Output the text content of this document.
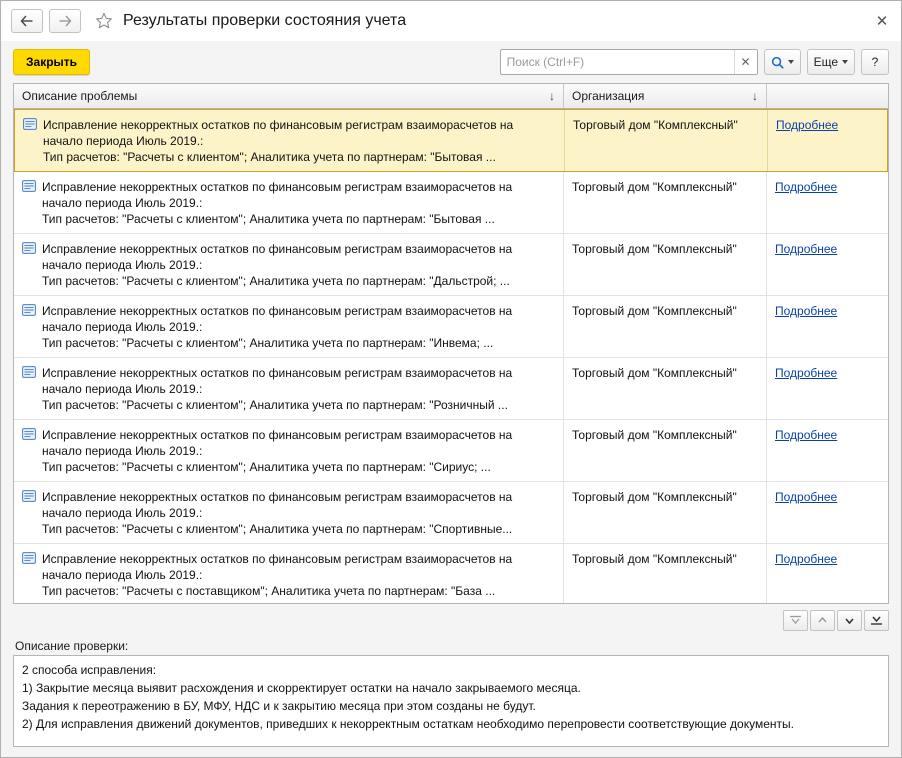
Результаты проверки состояния учета	✕
Закрыть
Поиск (Ctrl+F)	✕	Еще	?
Описание проблемы	↓ Организация	↓
Исправление некорректных остатков по финансовым регистрам взаиморасчетов на
начало периода Июль 2019.:
Тип расчетов: "Расчеты с клиентом"; Аналитика учета по партнерам: "Бытовая ...
Торговый дом "Комплексный"	Подробнее
Исправление некорректных остатков по финансовым регистрам взаиморасчетов на
начало периода Июль 2019.:
Тип расчетов: "Расчеты с клиентом"; Аналитика учета по партнерам: "Бытовая ...
Торговый дом "Комплексный"	Подробнее
Исправление некорректных остатков по финансовым регистрам взаиморасчетов на
начало периода Июль 2019.:
Тип расчетов: "Расчеты с клиентом"; Аналитика учета по партнерам: "Дальстрой; ...
Торговый дом "Комплексный"	Подробнее
Исправление некорректных остатков по финансовым регистрам взаиморасчетов на
начало периода Июль 2019.:
Тип расчетов: "Расчеты с клиентом"; Аналитика учета по партнерам: "Инвема; ...
Торговый дом "Комплексный"	Подробнее
Исправление некорректных остатков по финансовым регистрам взаиморасчетов на
начало периода Июль 2019.:
Тип расчетов: "Расчеты с клиентом"; Аналитика учета по партнерам: "Розничный ...
Торговый дом "Комплексный"	Подробнее
Исправление некорректных остатков по финансовым регистрам взаиморасчетов на
начало периода Июль 2019.:
Тип расчетов: "Расчеты с клиентом"; Аналитика учета по партнерам: "Сириус; ...
Торговый дом "Комплексный"	Подробнее
Исправление некорректных остатков по финансовым регистрам взаиморасчетов на
начало периода Июль 2019.:
Тип расчетов: "Расчеты с клиентом"; Аналитика учета по партнерам: "Спортивные...
Торговый дом "Комплексный"	Подробнее
Исправление некорректных остатков по финансовым регистрам взаиморасчетов на
начало периода Июль 2019.:
Тип расчетов: "Расчеты с поставщиком"; Аналитика учета по партнерам: "База ...
Торговый дом "Комплексный"	Подробнее
Описание проверки:
2 способа исправления:
1) Закрытие месяца выявит расхождения и скорректирует остатки на начало закрываемого месяца.
Задания к переотражению в БУ, МФУ, НДС и к закрытию месяца при этом созданы не будут.
2) Для исправления движений документов, приведших к некорректным остаткам необходимо перепровести соответствующие документы.
